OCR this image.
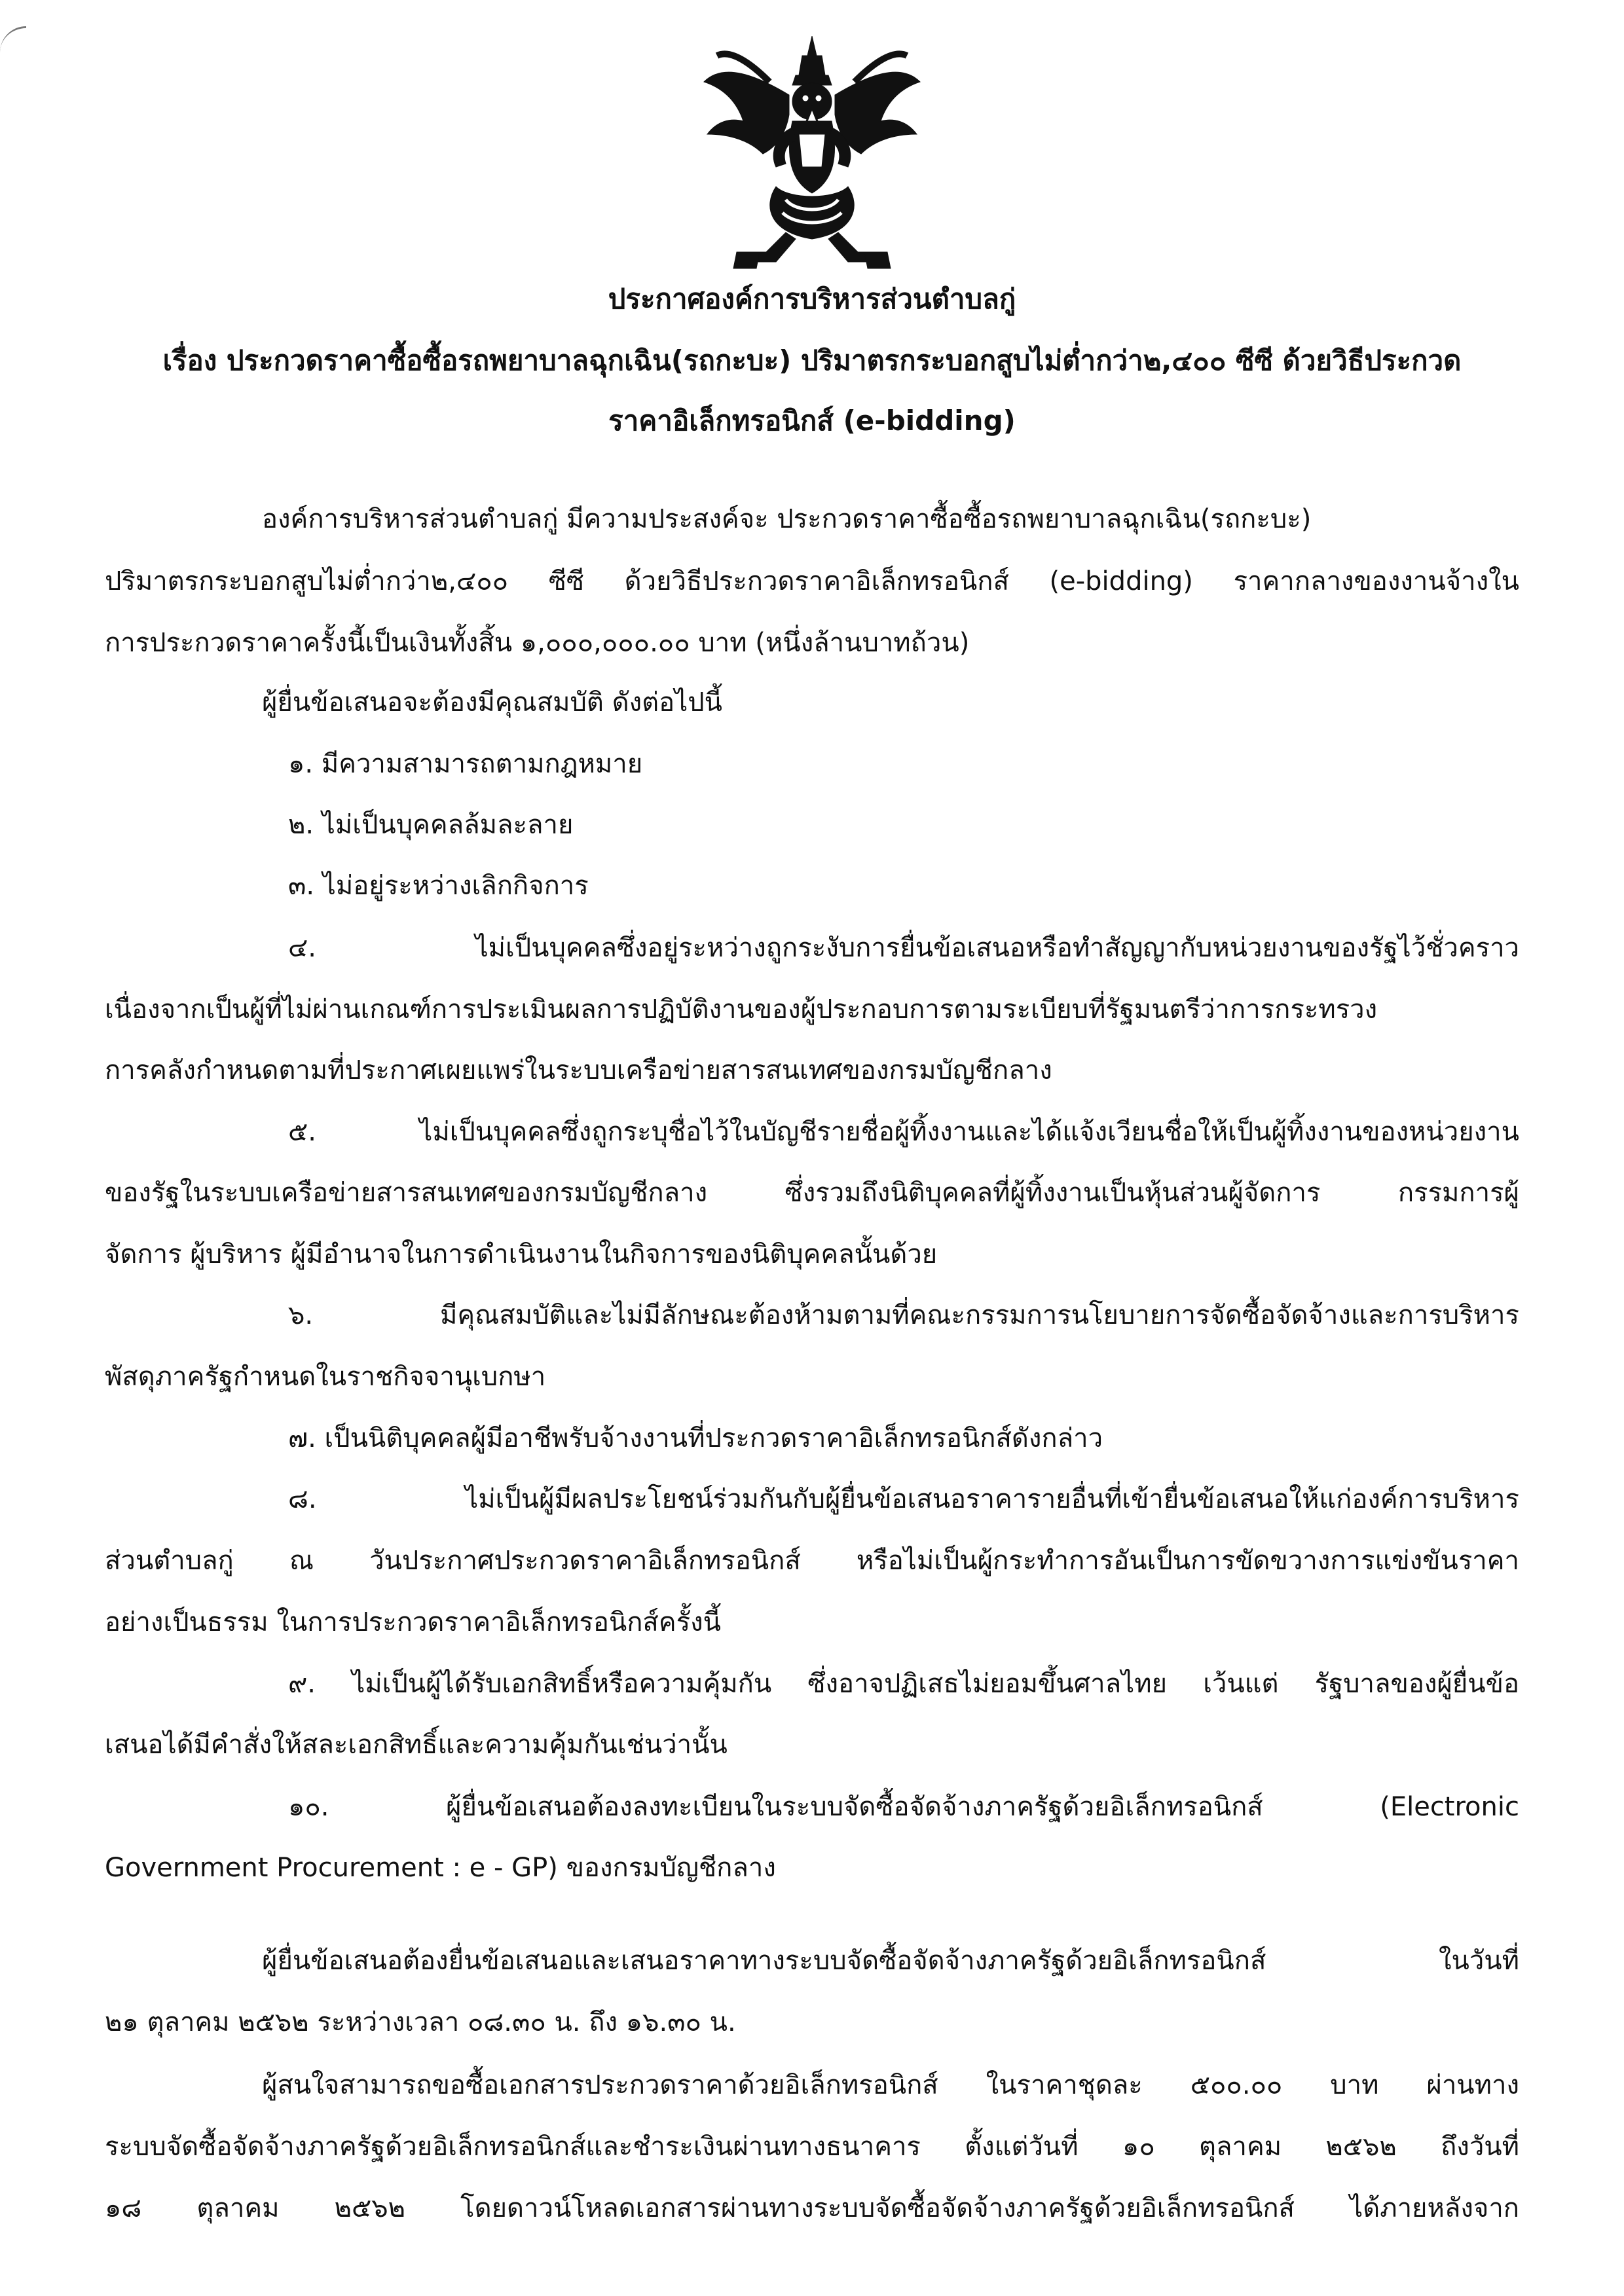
ประกาศองค์การบริหารส่วนตำบลกู่
เรื่อง ประกวดราคาซื้อซื้อรถพยาบาลฉุกเฉิน(รถกะบะ) ปริมาตรกระบอกสูบไม่ต่ำกว่า๒,๔๐๐ ซีซี ด้วยวิธีประกวด
ราคาอิเล็กทรอนิกส์ (e-bidding)
องค์การบริหารส่วนตำบลกู่ มีความประสงค์จะ ประกวดราคาซื้อซื้อรถพยาบาลฉุกเฉิน(รถกะบะ)
ปริมาตรกระบอกสูบไม่ต่ำกว่า๒,๔๐๐ ซีซี ด้วยวิธีประกวดราคาอิเล็กทรอนิกส์ (e-bidding) ราคากลางของงานจ้างใน
การประกวดราคาครั้งนี้เป็นเงินทั้งสิ้น ๑,๐๐๐,๐๐๐.๐๐ บาท (หนึ่งล้านบาทถ้วน)
ผู้ยื่นข้อเสนอจะต้องมีคุณสมบัติ ดังต่อไปนี้
๑. มีความสามารถตามกฎหมาย
๒. ไม่เป็นบุคคลล้มละลาย
๓. ไม่อยู่ระหว่างเลิกกิจการ
๔. ไม่เป็นบุคคลซึ่งอยู่ระหว่างถูกระงับการยื่นข้อเสนอหรือทำสัญญากับหน่วยงานของรัฐไว้ชั่วคราว
เนื่องจากเป็นผู้ที่ไม่ผ่านเกณฑ์การประเมินผลการปฏิบัติงานของผู้ประกอบการตามระเบียบที่รัฐมนตรีว่าการกระทรวง
การคลังกำหนดตามที่ประกาศเผยแพร่ในระบบเครือข่ายสารสนเทศของกรมบัญชีกลาง
๕. ไม่เป็นบุคคลซึ่งถูกระบุชื่อไว้ในบัญชีรายชื่อผู้ทิ้งงานและได้แจ้งเวียนชื่อให้เป็นผู้ทิ้งงานของหน่วยงาน
ของรัฐในระบบเครือข่ายสารสนเทศของกรมบัญชีกลาง ซึ่งรวมถึงนิติบุคคลที่ผู้ทิ้งงานเป็นหุ้นส่วนผู้จัดการ กรรมการผู้
จัดการ ผู้บริหาร ผู้มีอำนาจในการดำเนินงานในกิจการของนิติบุคคลนั้นด้วย
๖. มีคุณสมบัติและไม่มีลักษณะต้องห้ามตามที่คณะกรรมการนโยบายการจัดซื้อจัดจ้างและการบริหาร
พัสดุภาครัฐกำหนดในราชกิจจานุเบกษา
๗. เป็นนิติบุคคลผู้มีอาชีพรับจ้างงานที่ประกวดราคาอิเล็กทรอนิกส์ดังกล่าว
๘. ไม่เป็นผู้มีผลประโยชน์ร่วมกันกับผู้ยื่นข้อเสนอราคารายอื่นที่เข้ายื่นข้อเสนอให้แก่องค์การบริหาร
ส่วนตำบลกู่ ณ วันประกาศประกวดราคาอิเล็กทรอนิกส์ หรือไม่เป็นผู้กระทำการอันเป็นการขัดขวางการแข่งขันราคา
อย่างเป็นธรรม ในการประกวดราคาอิเล็กทรอนิกส์ครั้งนี้
๙. ไม่เป็นผู้ได้รับเอกสิทธิ์หรือความคุ้มกัน ซึ่งอาจปฏิเสธไม่ยอมขึ้นศาลไทย เว้นแต่ รัฐบาลของผู้ยื่นข้อ
เสนอได้มีคำสั่งให้สละเอกสิทธิ์และความคุ้มกันเช่นว่านั้น
๑๐. ผู้ยื่นข้อเสนอต้องลงทะเบียนในระบบจัดซื้อจัดจ้างภาครัฐด้วยอิเล็กทรอนิกส์ (Electronic
Government Procurement : e - GP) ของกรมบัญชีกลาง
ผู้ยื่นข้อเสนอต้องยื่นข้อเสนอและเสนอราคาทางระบบจัดซื้อจัดจ้างภาครัฐด้วยอิเล็กทรอนิกส์ ในวันที่
๒๑ ตุลาคม ๒๕๖๒ ระหว่างเวลา ๐๘.๓๐ น. ถึง ๑๖.๓๐ น.
ผู้สนใจสามารถขอซื้อเอกสารประกวดราคาด้วยอิเล็กทรอนิกส์ ในราคาชุดละ ๕๐๐.๐๐ บาท ผ่านทาง
ระบบจัดซื้อจัดจ้างภาครัฐด้วยอิเล็กทรอนิกส์และชำระเงินผ่านทางธนาคาร ตั้งแต่วันที่ ๑๐ ตุลาคม ๒๕๖๒ ถึงวันที่
๑๘ ตุลาคม ๒๕๖๒ โดยดาวน์โหลดเอกสารผ่านทางระบบจัดซื้อจัดจ้างภาครัฐด้วยอิเล็กทรอนิกส์ ได้ภายหลังจาก
